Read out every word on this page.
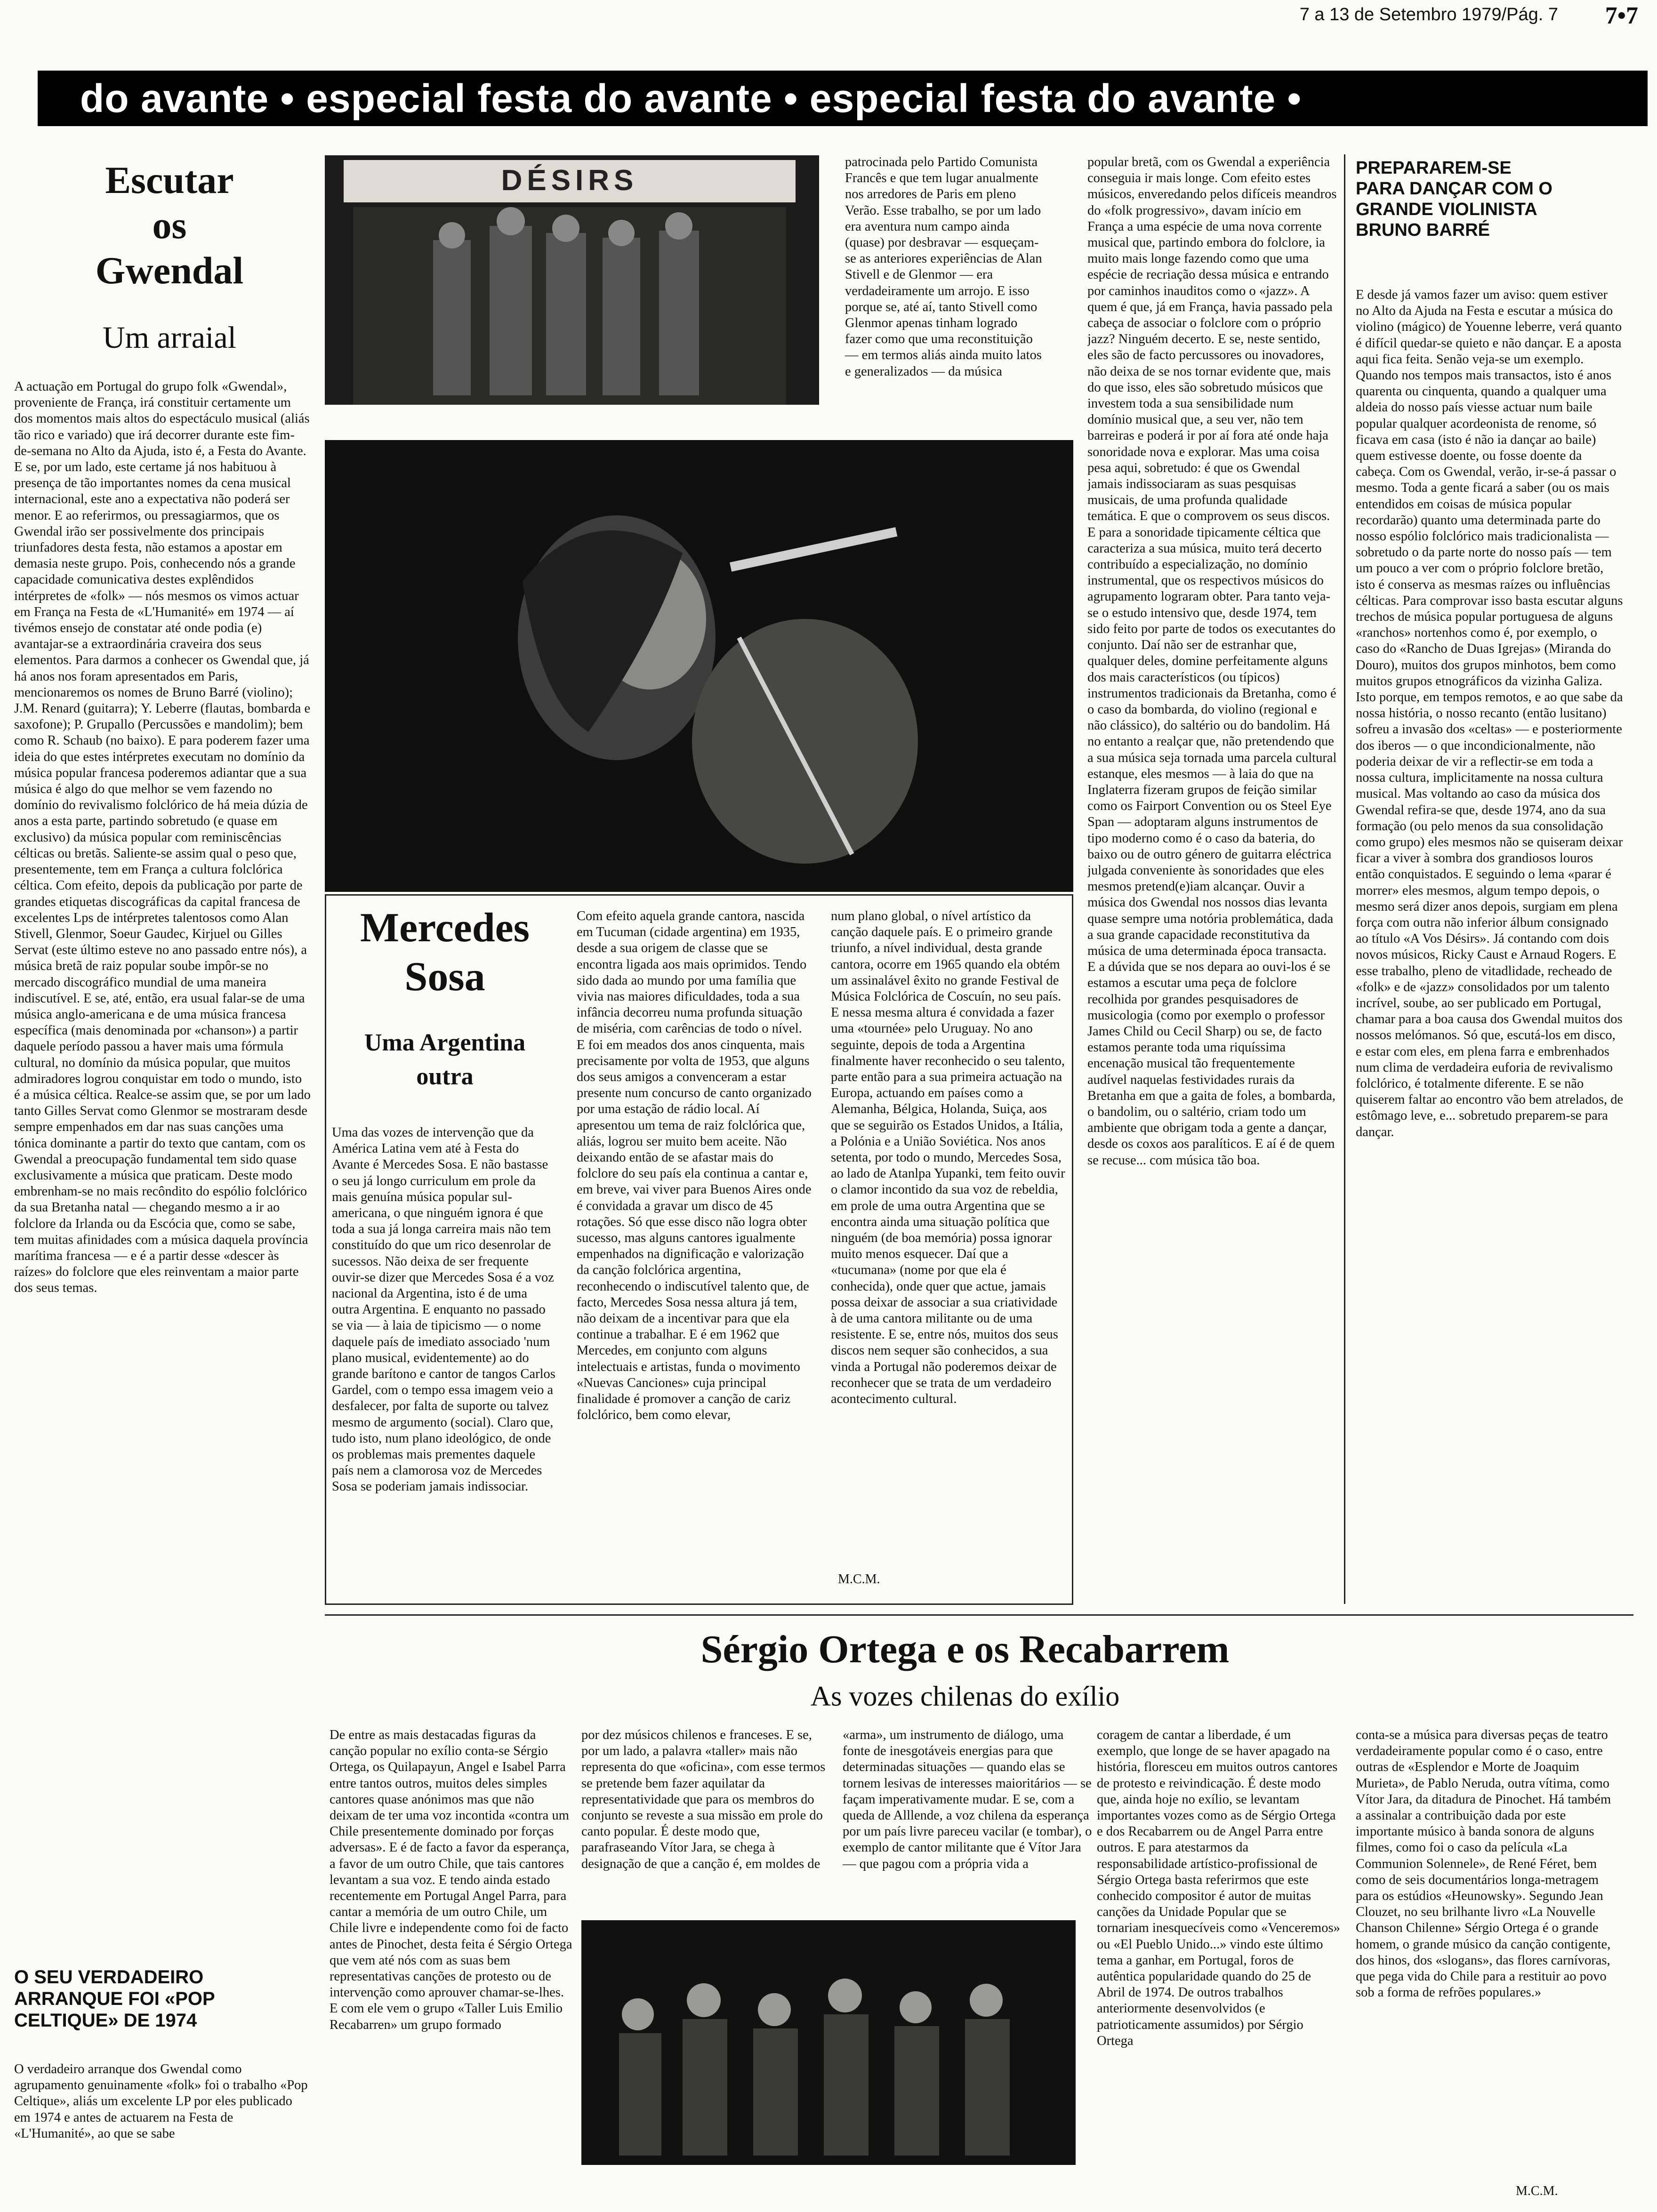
7 a 13 de Setembro 1979/Pág. 7 7•7
do avante • especial festa do avante • especial festa do avante •
Escutar
os
Gwendal
Um arraial

A actuação em Portugal do grupo folk «Gwendal», proveniente de França, irá constituir certamente um dos momentos mais altos do espectáculo musical (aliás tão rico e variado) que irá decorrer durante este fim-de-semana no Alto da Ajuda, isto é, a Festa do Avante. E se, por um lado, este certame já nos habituou à presença de tão importantes nomes da cena musical internacional, este ano a expectativa não poderá ser menor. E ao referirmos, ou pressagiarmos, que os Gwendal irão ser possivelmente dos principais triunfadores desta festa, não estamos a apostar em demasia neste grupo. Pois, conhecendo nós a grande capacidade comunicativa destes explêndidos intérpretes de «folk» — nós mesmos os vimos actuar em França na Festa de «L'Humanité» em 1974 — aí tivémos ensejo de constatar até onde podia (e) avantajar-se a extraordinária craveira dos seus elementos. Para darmos a conhecer os Gwendal que, já há anos nos foram apresentados em Paris, mencionaremos os nomes de Bruno Barré (violino); J.M. Renard (guitarra); Y. Leberre (flautas, bombarda e saxofone); P. Grupallo (Percussões e mandolim); bem como R. Schaub (no baixo). E para poderem fazer uma ideia do que estes intérpretes executam no domínio da música popular francesa poderemos adiantar que a sua música é algo do que melhor se vem fazendo no domínio do revivalismo folclórico de há meia dúzia de anos a esta parte, partindo sobretudo (e quase em exclusivo) da música popular com reminiscências célticas ou bretãs. Saliente-se assim qual o peso que, presentemente, tem em França a cultura folclórica céltica. Com efeito, depois da publicação por parte de grandes etiquetas discográficas da capital francesa de excelentes Lps de intérpretes talentosos como Alan Stivell, Glenmor, Soeur Gaudec, Kirjuel ou Gilles Servat (este último esteve no ano passado entre nós), a música bretã de raiz popular soube impôr-se no mercado discográfico mundial de uma maneira indiscutível. E se, até, então, era usual falar-se de uma música anglo-americana e de uma música francesa específica (mais denominada por «chanson») a partir daquele período passou a haver mais uma fórmula cultural, no domínio da música popular, que muitos admiradores logrou conquistar em todo o mundo, isto é a música céltica. Realce-se assim que, se por um lado tanto Gilles Servat como Glenmor se mostraram desde sempre empenhados em dar nas suas canções uma tónica dominante a partir do texto que cantam, com os Gwendal a preocupação fundamental tem sido quase exclusivamente a música que praticam. Deste modo embrenham-se no mais recôndito do espólio folclórico da sua Bretanha natal — chegando mesmo a ir ao folclore da Irlanda ou da Escócia que, como se sabe, tem muitas afinidades com a música daquela província marítima francesa — e é a partir desse «descer às raízes» do folclore que eles reinventam a maior parte dos seus temas.

O SEU VERDADEIRO ARRANQUE FOI «POP CELTIQUE» DE 1974

O verdadeiro arranque dos Gwendal como agrupamento genuinamente «folk» foi o trabalho «Pop Celtique», aliás um excelente LP por eles publicado em 1974 e antes de actuarem na Festa de «L'Humanité», ao que se sabe

DÉSIRS

patrocinada pelo Partido Comunista Francês e que tem lugar anualmente nos arredores de Paris em pleno Verão. Esse trabalho, se por um lado era aventura num campo ainda (quase) por desbravar — esqueçam-se as anteriores experiências de Alan Stivell e de Glenmor — era verdadeiramente um arrojo. E isso porque se, até aí, tanto Stivell como Glenmor apenas tinham logrado fazer como que uma reconstituição — em termos aliás ainda muito latos e generalizados — da música

popular bretã, com os Gwendal a experiência conseguia ir mais longe. Com efeito estes músicos, enveredando pelos difíceis meandros do «folk progressivo», davam início em França a uma espécie de uma nova corrente musical que, partindo embora do folclore, ia muito mais longe fazendo como que uma espécie de recriação dessa música e entrando por caminhos inauditos como o «jazz». A quem é que, já em França, havia passado pela cabeça de associar o folclore com o próprio jazz? Ninguém decerto. E se, neste sentido, eles são de facto percussores ou inovadores, não deixa de se nos tornar evidente que, mais do que isso, eles são sobretudo músicos que investem toda a sua sensibilidade num domínio musical que, a seu ver, não tem barreiras e poderá ir por aí fora até onde haja sonoridade nova e explorar. Mas uma coisa pesa aqui, sobretudo: é que os Gwendal jamais indissociaram as suas pesquisas musicais, de uma profunda qualidade temática. E que o comprovem os seus discos. E para a sonoridade tipicamente céltica que caracteriza a sua música, muito terá decerto contribuído a especialização, no domínio instrumental, que os respectivos músicos do agrupamento lograram obter. Para tanto veja-se o estudo intensivo que, desde 1974, tem sido feito por parte de todos os executantes do conjunto. Daí não ser de estranhar que, qualquer deles, domine perfeitamente alguns dos mais característicos (ou típicos) instrumentos tradicionais da Bretanha, como é o caso da bombarda, do violino (regional e não clássico), do saltério ou do bandolim. Há no entanto a realçar que, não pretendendo que a sua música seja tornada uma parcela cultural estanque, eles mesmos — à laia do que na Inglaterra fizeram grupos de feição similar como os Fairport Convention ou os Steel Eye Span — adoptaram alguns instrumentos de tipo moderno como é o caso da bateria, do baixo ou de outro género de guitarra eléctrica julgada conveniente às sonoridades que eles mesmos pretend(e)iam alcançar. Ouvir a música dos Gwendal nos nossos dias levanta quase sempre uma notória problemática, dada a sua grande capacidade reconstitutiva da música de uma determinada época transacta. E a dúvida que se nos depara ao ouvi-los é se estamos a escutar uma peça de folclore recolhida por grandes pesquisadores de musicologia (como por exemplo o professor James Child ou Cecil Sharp) ou se, de facto estamos perante toda uma riquíssima encenação musical tão frequentemente audível naquelas festividades rurais da Bretanha em que a gaita de foles, a bombarda, o bandolim, ou o saltério, criam todo um ambiente que obrigam toda a gente a dançar, desde os coxos aos paralíticos. E aí é de quem se recuse... com música tão boa.

PREPARAREM-SE PARA DANÇAR COM O GRANDE VIOLINISTA BRUNO BARRÉ

E desde já vamos fazer um aviso: quem estiver no Alto da Ajuda na Festa e escutar a música do violino (mágico) de Youenne leberre, verá quanto é difícil quedar-se quieto e não dançar. E a aposta aqui fica feita. Senão veja-se um exemplo. Quando nos tempos mais transactos, isto é anos quarenta ou cinquenta, quando a qualquer uma aldeia do nosso país viesse actuar num baile popular qualquer acordeonista de renome, só ficava em casa (isto é não ia dançar ao baile) quem estivesse doente, ou fosse doente da cabeça. Com os Gwendal, verão, ir-se-á passar o mesmo. Toda a gente ficará a saber (ou os mais entendidos em coisas de música popular recordarão) quanto uma determinada parte do nosso espólio folclórico mais tradicionalista — sobretudo o da parte norte do nosso país — tem um pouco a ver com o próprio folclore bretão, isto é conserva as mesmas raízes ou influências célticas. Para comprovar isso basta escutar alguns trechos de música popular portuguesa de alguns «ranchos» nortenhos como é, por exemplo, o caso do «Rancho de Duas Igrejas» (Miranda do Douro), muitos dos grupos minhotos, bem como muitos grupos etnográficos da vizinha Galiza. Isto porque, em tempos remotos, e ao que sabe da nossa história, o nosso recanto (então lusitano) sofreu a invasão dos «celtas» — e posteriormente dos iberos — o que incondicionalmente, não poderia deixar de vir a reflectir-se em toda a nossa cultura, implicitamente na nossa cultura musical. Mas voltando ao caso da música dos Gwendal refira-se que, desde 1974, ano da sua formação (ou pelo menos da sua consolidação como grupo) eles mesmos não se quiseram deixar ficar a viver à sombra dos grandiosos louros então conquistados. E seguindo o lema «parar é morrer» eles mesmos, algum tempo depois, o mesmo será dizer anos depois, surgiam em plena força com outra não inferior álbum consignado ao título «A Vos Désirs». Já contando com dois novos músicos, Ricky Caust e Arnaud Rogers. E esse trabalho, pleno de vitadlidade, recheado de «folk» e de «jazz» consolidados por um talento incrível, soube, ao ser publicado em Portugal, chamar para a boa causa dos Gwendal muitos dos nossos melómanos. Só que, escutá-los em disco, e estar com eles, em plena farra e embrenhados num clima de verdadeira euforia de revivalismo folclórico, é totalmente diferente. E se não quiserem faltar ao encontro vão bem atrelados, de estômago leve, e... sobretudo preparem-se para dançar.

Mercedes
Sosa
Uma Argentina
outra

Uma das vozes de intervenção que da América Latina vem até à Festa do Avante é Mercedes Sosa. E não bastasse o seu já longo curriculum em prole da mais genuína música popular sul-americana, o que ninguém ignora é que toda a sua já longa carreira mais não tem constituído do que um rico desenrolar de sucessos. Não deixa de ser frequente ouvir-se dizer que Mercedes Sosa é a voz nacional da Argentina, isto é de uma outra Argentina. E enquanto no passado se via — à laia de tipicismo — o nome daquele país de imediato associado 'num plano musical, evidentemente) ao do grande barítono e cantor de tangos Carlos Gardel, com o tempo essa imagem veio a desfalecer, por falta de suporte ou talvez mesmo de argumento (social). Claro que, tudo isto, num plano ideológico, de onde os problemas mais prementes daquele país nem a clamorosa voz de Mercedes Sosa se poderiam jamais indissociar.

Com efeito aquela grande cantora, nascida em Tucuman (cidade argentina) em 1935, desde a sua origem de classe que se encontra ligada aos mais oprimidos. Tendo sido dada ao mundo por uma família que vivia nas maiores dificuldades, toda a sua infância decorreu numa profunda situação de miséria, com carências de todo o nível. E foi em meados dos anos cinquenta, mais precisamente por volta de 1953, que alguns dos seus amigos a convenceram a estar presente num concurso de canto organizado por uma estação de rádio local. Aí apresentou um tema de raiz folclórica que, aliás, logrou ser muito bem aceite. Não deixando então de se afastar mais do folclore do seu país ela continua a cantar e, em breve, vai viver para Buenos Aires onde é convidada a gravar um disco de 45 rotações. Só que esse disco não logra obter sucesso, mas alguns cantores igualmente empenhados na dignificação e valorização da canção folclórica argentina, reconhecendo o indiscutível talento que, de facto, Mercedes Sosa nessa altura já tem, não deixam de a incentivar para que ela continue a trabalhar. E é em 1962 que Mercedes, em conjunto com alguns intelectuais e artistas, funda o movimento «Nuevas Canciones» cuja principal finalidade é promover a canção de cariz folclórico, bem como elevar,

num plano global, o nível artístico da canção daquele país. E o primeiro grande triunfo, a nível individual, desta grande cantora, ocorre em 1965 quando ela obtém um assinalável êxito no grande Festival de Música Folclórica de Coscuín, no seu país. E nessa mesma altura é convidada a fazer uma «tournée» pelo Uruguay. No ano seguinte, depois de toda a Argentina finalmente haver reconhecido o seu talento, parte então para a sua primeira actuação na Europa, actuando em países como a Alemanha, Bélgica, Holanda, Suiça, aos que se seguirão os Estados Unidos, a Itália, a Polónia e a União Soviética. Nos anos setenta, por todo o mundo, Mercedes Sosa, ao lado de Atanlpa Yupanki, tem feito ouvir o clamor incontido da sua voz de rebeldia, em prole de uma outra Argentina que se encontra ainda uma situação política que ninguém (de boa memória) possa ignorar muito menos esquecer. Daí que a «tucumana» (nome por que ela é conhecida), onde quer que actue, jamais possa deixar de associar a sua criatividade à de uma cantora militante ou de uma resistente. E se, entre nós, muitos dos seus discos nem sequer são conhecidos, a sua vinda a Portugal não poderemos deixar de reconhecer que se trata de um verdadeiro acontecimento cultural.

M.C.M.
Sérgio Ortega e os Recabarrem
As vozes chilenas do exílio

De entre as mais destacadas figuras da canção popular no exílio conta-se Sérgio Ortega, os Quilapayun, Angel e Isabel Parra entre tantos outros, muitos deles simples cantores quase anónimos mas que não deixam de ter uma voz incontida «contra um Chile presentemente dominado por forças adversas». E é de facto a favor da esperança, a favor de um outro Chile, que tais cantores levantam a sua voz. E tendo ainda estado recentemente em Portugal Angel Parra, para cantar a memória de um outro Chile, um Chile livre e independente como foi de facto antes de Pinochet, desta feita é Sérgio Ortega que vem até nós com as suas bem representativas canções de protesto ou de intervenção como aprouver chamar-se-lhes. E com ele vem o grupo «Taller Luis Emilio Recabarren» um grupo formado

por dez músicos chilenos e franceses. E se, por um lado, a palavra «taller» mais não representa do que «oficina», com esse termos se pretende bem fazer aquilatar da representatividade que para os membros do conjunto se reveste a sua missão em prole do canto popular. É deste modo que, parafraseando Vítor Jara, se chega à designação de que a canção é, em moldes de

«arma», um instrumento de diálogo, uma fonte de inesgotáveis energias para que determinadas situações — quando elas se tornem lesivas de interesses maioritários — se façam imperativamente mudar. E se, com a queda de Alllende, a voz chilena da esperança por um país livre pareceu vacilar (e tombar), o exemplo de cantor militante que é Vítor Jara — que pagou com a própria vida a

coragem de cantar a liberdade, é um exemplo, que longe de se haver apagado na história, floresceu em muitos outros cantores de protesto e reivindicação. É deste modo que, ainda hoje no exílio, se levantam importantes vozes como as de Sérgio Ortega e dos Recabarrem ou de Angel Parra entre outros. E para atestarmos da responsabilidade artístico-profissional de Sérgio Ortega basta referirmos que este conhecido compositor é autor de muitas canções da Unidade Popular que se tornariam inesquecíveis como «Venceremos» ou «El Pueblo Unido...» vindo este último tema a ganhar, em Portugal, foros de autêntica popularidade quando do 25 de Abril de 1974. De outros trabalhos anteriormente desenvolvidos (e patrioticamente assumidos) por Sérgio Ortega

conta-se a música para diversas peças de teatro verdadeiramente popular como é o caso, entre outras de «Esplendor e Morte de Joaquim Murieta», de Pablo Neruda, outra vítima, como Vítor Jara, da ditadura de Pinochet. Há também a assinalar a contribuição dada por este importante músico à banda sonora de alguns filmes, como foi o caso da película «La Communion Solennele», de René Féret, bem como de seis documentários longa-metragem para os estúdios «Heunowsky». Segundo Jean Clouzet, no seu brilhante livro «La Nouvelle Chanson Chilenne» Sérgio Ortega é o grande homem, o grande músico da canção contigente, dos hinos, dos «slogans», das flores carnívoras, que pega vida do Chile para a restituir ao povo sob a forma de refrões populares.»

M.C.M.
